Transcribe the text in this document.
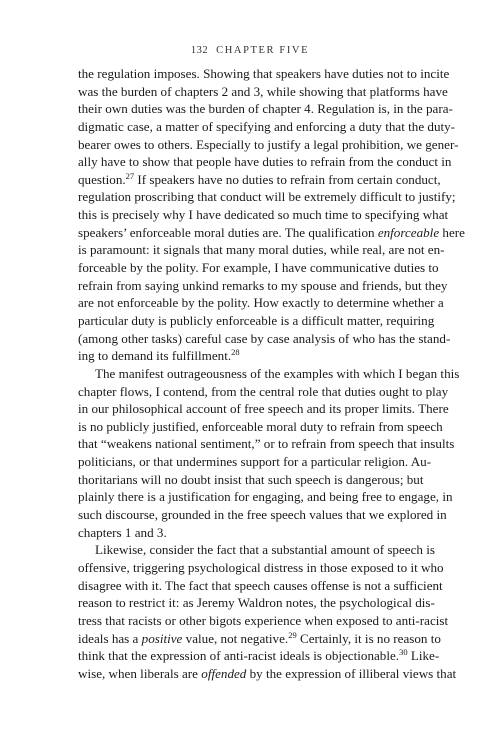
132 CHAPTER FIVE
the regulation imposes. Showing that speakers have duties not to incite
was the burden of chapters 2 and 3, while showing that platforms have
their own duties was the burden of chapter 4. Regulation is, in the para-
digmatic case, a matter of specifying and enforcing a duty that the duty-
bearer owes to others. Especially to justify a legal prohibition, we gener-
ally have to show that people have duties to refrain from the conduct in
question.$^{27}$ If speakers have no duties to refrain from certain conduct,
regulation proscribing that conduct will be extremely difficult to justify;
this is precisely why I have dedicated so much time to specifying what
speakers’ enforceable moral duties are. The qualification enforceable here
is paramount: it signals that many moral duties, while real, are not en-
forceable by the polity. For example, I have communicative duties to
refrain from saying unkind remarks to my spouse and friends, but they
are not enforceable by the polity. How exactly to determine whether a
particular duty is publicly enforceable is a difficult matter, requiring
(among other tasks) careful case by case analysis of who has the stand-
ing to demand its fulfillment.$^{28}$
The manifest outrageousness of the examples with which I began this
chapter flows, I contend, from the central role that duties ought to play
in our philosophical account of free speech and its proper limits. There
is no publicly justified, enforceable moral duty to refrain from speech
that “weakens national sentiment,” or to refrain from speech that insults
politicians, or that undermines support for a particular religion. Au-
thoritarians will no doubt insist that such speech is dangerous; but
plainly there is a justification for engaging, and being free to engage, in
such discourse, grounded in the free speech values that we explored in
chapters 1 and 3.
Likewise, consider the fact that a substantial amount of speech is
offensive, triggering psychological distress in those exposed to it who
disagree with it. The fact that speech causes offense is not a sufficient
reason to restrict it: as Jeremy Waldron notes, the psychological dis-
tress that racists or other bigots experience when exposed to anti-racist
ideals has a positive value, not negative.$^{29}$ Certainly, it is no reason to
think that the expression of anti-racist ideals is objectionable.$^{30}$ Like-
wise, when liberals are offended by the expression of illiberal views that
